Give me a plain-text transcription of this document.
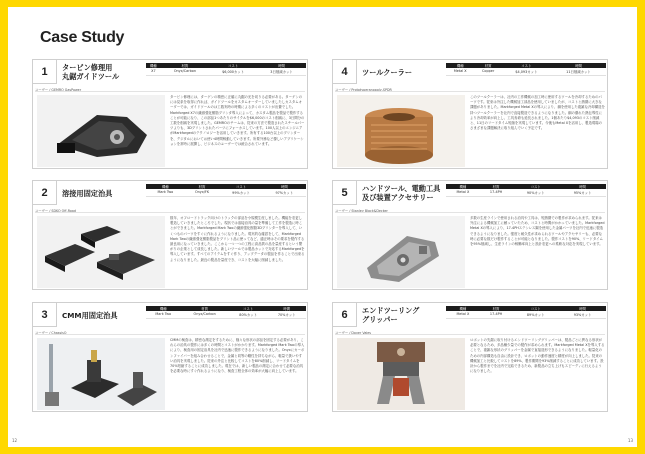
Case Study
1	タービン修理用
丸鋸ガイドツール
機種	材質	コスト	時間
X7	Onyx/Carbon	$6,000カット	3日削減カット
ユーザー / GEMRO GasPower
タービン修理には、ターゲンの精密に正確に丸鋸の光を切りる必要がある。ターゲンのには見条を取得に作れば、ガイドツールをカスタムオーダーしていましたしカスタムオーダーでは、ガイドツールのは工数実時の時期による多くのコストが出費でした。Markforged X7の繊維強化樹脂プリンタ導入によって、カスタム製品を製品で製作することが可能になり、この部品1つあたりのサイクルを$6,000のコスト削減に、3日間分の工数を削減を実現しました。GEMROのチームは、従来の方法で製造されたスチールパーツよりも、3Dプリントされたパーツにフォーカスしています。100人以上のエンジニアがMarkforgedのテクノロジーを活用していきます。所有する100台以上のプリンターを、デジタルにおいてお使い4時間稼動していきます。所要外務など優しいアプリケーションを常時に展開し、ビジネスのユーザーでは統合されています。
4	ツールクーラー
機種	材質	コスト	時間
Metal X	Copper	$4,093カット	11日削減カット
ユーザー / Prototyperanopoly-SPDR
このツールクーラーは、社内の工作機械の加工時に使用するツールを冷却するためのパーツです。従来は外注した機械加工部品を使用していましたが、コストと納期に大きな課題がありました。Markforged Metal Xの導入により、銅を使用した複雑な冷却構造を持つツールクーラーを社内で直接製造できるようになりました。銅の優れた熱伝導性により冷却効率が向上し、工具寿命も延長されました。1個あたり$4,093のコスト削減と、11日のリードタイム短縮を実現しています。今後もMetal Xを活用し、製造現場のさまざまな課題解決に取り組んでいく予定です。
2	溶接用固定治具
機種	材質	コスト	時間
Mark Two	Onyx/FK	99%カット	97%カット
ユーザー / SDKO Off-Road
数年、オフロードトラック向けのトラックの部品を小規模生産しました。機能を変更し製造していきましたところでした。現状では溶接治具の量を準備して工作を製造に時ことができました。Markforged Mark Twoの繊維強化樹脂3Dプリンターを導入して、いくつものパーツをすぐに作れるようになりました。現実的な確認をして、Markforged Mark Twoの繊維強化樹脂製品をプリント品に使ってなど、適正時はその要求を製作する最良用になっていきました。ここから一つ一つの工程に高品質の品を量産するという繋がりの企業として成長しました。新しいツールでは製品カットで対応するMarkforgedを導入しています。すべてのアイテムをすぐ作り、アップデータの製品を作ることで出来るようになりました。最良の製品を量産でき、コストを大幅に削減しました。
5	ハンドツール、電動工具
及び装置アクセサリー
機種	材質	コスト	時間
Metal X	17-4PH	90%カット	95%カット
ユーザー / Stanley Black&Decker
多数の生産ラインで使用される治具や工具は、短納期での製作が求められます。従来は外注による機械加工に頼っていたため、コストと時間がかかっていました。Markforged Metal Xの導入により、17-4PHステンレス鋼を使用した金属パーツを社内で迅速に製造できるようになりました。強度と耐久性が求められるツールやアクセサリーも、必要な時に必要な数だけ製作することが可能となりました。製作コストを90%、リードタイムを95%削減し、生産ラインの稼働率向上と設計変更への柔軟な対応を実現しています。
3	CMM用固定治具
機種	材質	コスト	時間
Mark Two	Onyx/Carbon	80%カット	70%カット
ユーザー / ChassisQ
CMMの検査は、精密な測定をするために、様々な形状の部品を固定する必要があり、これらの治具の製作には多くの時間とコストがかかります。Markforged Mark Twoの導入により、検査用の固定治具を社内で迅速に製作できるようになりました。Onyxにカーボンファイバーを組み合わせることで、金属と同等の剛性を持ちながら、軽量で扱いやすい治具を実現しました。従来の外注と比較してコストを80%削減し、リードタイムを70%短縮することに成功しました。現在では、新しい製品の測定に合わせて必要な治具を必要な時にすぐ作れるようになり、検査工程全体の効率が大幅に向上しています。
6	エンドツーリング
グリッパー
機種	材質	コスト	時間
Metal X	17-4PH	89%カット	93%カット
ユーザー / Dover Vales
ロボットの先端に取り付けるエンドツーリンググリッパーは、製品ごとに異なる形状が必要となるため、多品種少量での製作が求められます。Markforged Metal Xを導入することで、複雑な形状のグリッパーを金属で直接造形できるようになりました。軽量化のための内部構造も自由に設計でき、ロボットの動作速度と精度が向上しました。従来の機械加工と比較してコストを89%、製作期間を93%削減することに成功しています。設計から製作までを社内で完結できるため、新製品の立ち上げもスピーディに行えるようになりました。
12	13
